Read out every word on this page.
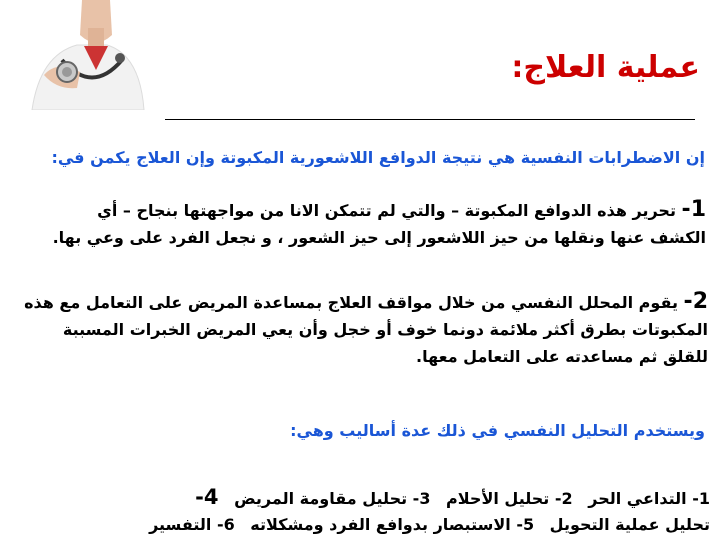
عملية العلاج:
إن الاضطرابات النفسية هي نتيجة الدوافع اللاشعورية المكبوتة وإن العلاج يكمن في:
1- تحرير هذه الدوافع المكبوتة – والتي لم تتمكن الانا من مواجهتها بنجاح – أي الكشف عنها ونقلها من حيز اللاشعور إلى حيز الشعور ، و نجعل الفرد على وعي بها.
2- يقوم المحلل النفسي من خلال مواقف العلاج بمساعدة المريض على التعامل مع هذه المكبوتات بطرق أكثر ملائمة دونما خوف أو خجل وأن يعي المريض الخبرات المسببة للقلق ثم مساعدته على التعامل معها.
ويستخدم التحليل النفسي في ذلك عدة أساليب وهي:
1- التداعي الحر 2- تحليل الأحلام 3- تحليل مقاومة المريض 4-
تحليل عملية التحويل 5- الاستبصار بدوافع الفرد ومشكلاته 6- التفسير
